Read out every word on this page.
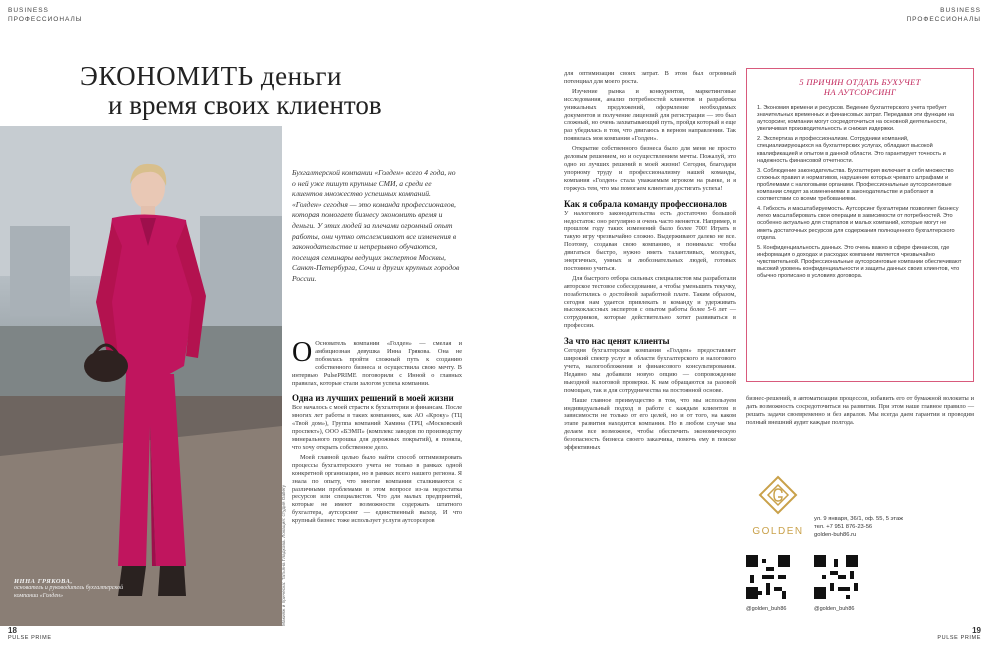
BUSINESS
ПРОФЕССИОНАЛЫ
BUSINESS
ПРОФЕССИОНАЛЫ
ЭКОНОМИТЬ деньги
и время своих клиентов
ИННА ГРЯКОВА,
основатель и руководитель бухгалтерской компании «Голден»	Макияж и прическа: Татьяна Гладкова. Локация: студия Gallery
Бухгалтерской компании «Голден» всего 4 года, но о ней уже пишут крупные СМИ, а среди ее клиентов множество успешных компаний. «Голден» сегодня — это команда профессионалов, которая помогает бизнесу экономить время и деньги. У этих людей за плечами огромный опыт работы, они чутко отслеживают все изменения в законодательстве и непрерывно обучаются, посещая семинары ведущих экспертов Москвы, Санкт-Петербурга, Сочи и других крупных городов России.
О Основатель компании «Голден» — смелая и амбициозная девушка Инна Грякова. Она не побоялась пройти сложный путь к созданию собственного бизнеса и осуществила свою мечту. В интервью PulsePRIME поговорили с Инной о главных правилах, которые стали залогом успеха компании.
Одна из лучших решений в моей жизни
Все началось с моей страсти к бухгалтерии и финансам. После многих лет работы в таких компаниях, как АО «Кроку» (ТЦ «Твой дом»), Группа компаний Хамина (ТРЦ «Московский проспект»), ООО «БЭМП» (комплекс заводов по производству минерального порошка для дорожных покрытий), я поняла, что хочу открыть собственное дело.
Моей главной целью было найти способ оптимизировать процессы бухгалтерского учета не только в рамках одной конкретной организации, но в рамках всего нашего региона. Я знала по опыту, что многие компании сталкиваются с различными проблемами в этом вопросе из-за недостатка ресурсов или специалистов. Что для малых предприятий, которые не имеют возможности содержать штатного бухгалтера, аутсорсинг — единственный выход. И что крупный бизнес тоже использует услуги аутсорсеров
18
PULSE PRIME
для оптимизации своих затрат. В этом был огромный потенциал для моего роста.
Изучение рынка и конкурентов, маркетинговые исследования, анализ потребностей клиентов и разработка уникальных предложений, оформление необходимых документов и получение лицензий для регистрации — это был сложный, но очень захватывающий путь, пройдя который я еще раз убедилась в том, что двигаюсь в верном направлении. Так появилась моя компания «Голден».
Открытие собственного бизнеса было для меня не просто деловым решением, но и осуществлением мечты. Пожалуй, это одно из лучших решений в моей жизни! Сегодня, благодаря упорному труду и профессионализму нашей команды, компания «Голден» стала уважаемым игроком на рынке, и я горжусь тем, что мы помогаем клиентам достигать успеха!
Как я собрала команду профессионалов
У налогового законодательства есть достаточно большой недостаток: оно регулярно и очень часто меняется. Например, в прошлом году таких изменений было более 700! Играть в такую игру чрезвычайно сложно. Выдерживают далеко не все. Поэтому, создавая свою компанию, я понимала: чтобы двигаться быстро, нужно иметь талантливых, молодых, энергичных, умных и любознательных людей, готовых постоянно учиться.
Для быстрого отбора сильных специалистов мы разработали авторское тестовое собеседование, а чтобы уменьшить текучку, позаботились о достойной заработной плате. Таким образом, сегодня нам удается привлекать в команду и удерживать высококлассных экспертов с опытом работы более 5-6 лет — сотрудников, которые действительно хотят развиваться в профессии.
За что нас ценят клиенты
Сегодня бухгалтерская компания «Голден» предоставляет широкий спектр услуг в области бухгалтерского и налогового учета, налогообложения и финансового консультирования. Недавно мы добавили новую опцию — сопровождение выездной налоговой проверки. К нам обращаются за разовой помощью, так и для сотрудничества на постоянной основе.
Наше главное преимущество в том, что мы используем индивидуальный подход в работе с каждым клиентом в зависимости не только от его целей, но и от того, на каком этапе развития находится компания. Но в любом случае мы делаем все возможное, чтобы обеспечить экономическую безопасность бизнеса своего заказчика, помочь ему в поиске эффективных
5 ПРИЧИН ОТДАТЬ БУХУЧЕТ
НА АУТСОРСИНГ
1. Экономия времени и ресурсов. Ведение бухгалтерского учета требует значительных временных и финансовых затрат. Передавая эти функции на аутсорсинг, компании могут сосредоточиться на основной деятельности, увеличивая производительность и снижая издержки.
2. Экспертиза и профессионализм. Сотрудники компаний, специализирующихся на бухгалтерских услугах, обладают высокой квалификацией и опытом в данной области. Это гарантирует точность и надежность финансовой отчетности.
3. Соблюдение законодательства. Бухгалтерия включает в себя множество сложных правил и нормативов, нарушение которых чревато штрафами и проблемами с налоговыми органами. Профессиональные аутсорсинговые компании следят за изменениями в законодательстве и работают в соответствии со всеми требованиями.
4. Гибкость и масштабируемость. Аутсорсинг бухгалтерии позволяет бизнесу легко масштабировать свои операции в зависимости от потребностей. Это особенно актуально для стартапов и малых компаний, которые могут не иметь достаточных ресурсов для содержания полноценного бухгалтерского отдела.
5. Конфиденциальность данных. Это очень важно в сфере финансов, где информация о доходах и расходах компании является чрезвычайно чувствительной. Профессиональные аутсорсинговые компании обеспечивают высокий уровень конфиденциальности и защиты данных своих клиентов, что обычно прописано в условиях договора.
бизнес-решений, в автоматизации процессов, избавить его от бумажной волокиты и дать возможность сосредоточиться на развитии. При этом наше главное правило — решать задачи своевременно и без авралов. Мы всегда даем гарантии и проводим полный внешний аудит каждые полгода.
GOLDEN
ул. 9 января, 36/1, оф. 55, 5 этаж
тел. +7 951 876-23-56
golden-buh86.ru
@golden_buh86	@golden_buh86
19
PULSE PRIME
